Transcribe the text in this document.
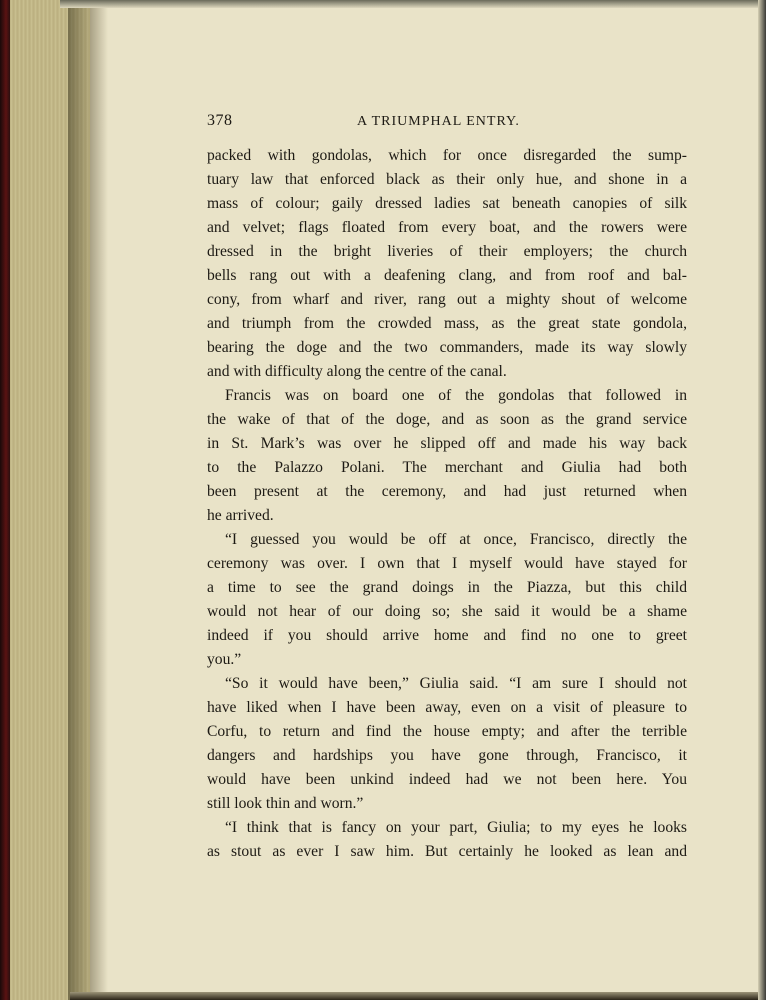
378	A TRIUMPHAL ENTRY.
packed with gondolas, which for once disregarded the sump-
tuary law that enforced black as their only hue, and shone in a
mass of colour; gaily dressed ladies sat beneath canopies of silk
and velvet; flags floated from every boat, and the rowers were
dressed in the bright liveries of their employers; the church
bells rang out with a deafening clang, and from roof and bal-
cony, from wharf and river, rang out a mighty shout of welcome
and triumph from the crowded mass, as the great state gondola,
bearing the doge and the two commanders, made its way slowly
and with difficulty along the centre of the canal.
Francis was on board one of the gondolas that followed in
the wake of that of the doge, and as soon as the grand service
in St. Mark’s was over he slipped off and made his way back
to the Palazzo Polani. The merchant and Giulia had both
been present at the ceremony, and had just returned when
he arrived.
“I guessed you would be off at once, Francisco, directly the
ceremony was over. I own that I myself would have stayed for
a time to see the grand doings in the Piazza, but this child
would not hear of our doing so; she said it would be a shame
indeed if you should arrive home and find no one to greet
you.”
“So it would have been,” Giulia said. “I am sure I should not
have liked when I have been away, even on a visit of pleasure to
Corfu, to return and find the house empty; and after the terrible
dangers and hardships you have gone through, Francisco, it
would have been unkind indeed had we not been here. You
still look thin and worn.”
“I think that is fancy on your part, Giulia; to my eyes he looks
as stout as ever I saw him. But certainly he looked as lean and
